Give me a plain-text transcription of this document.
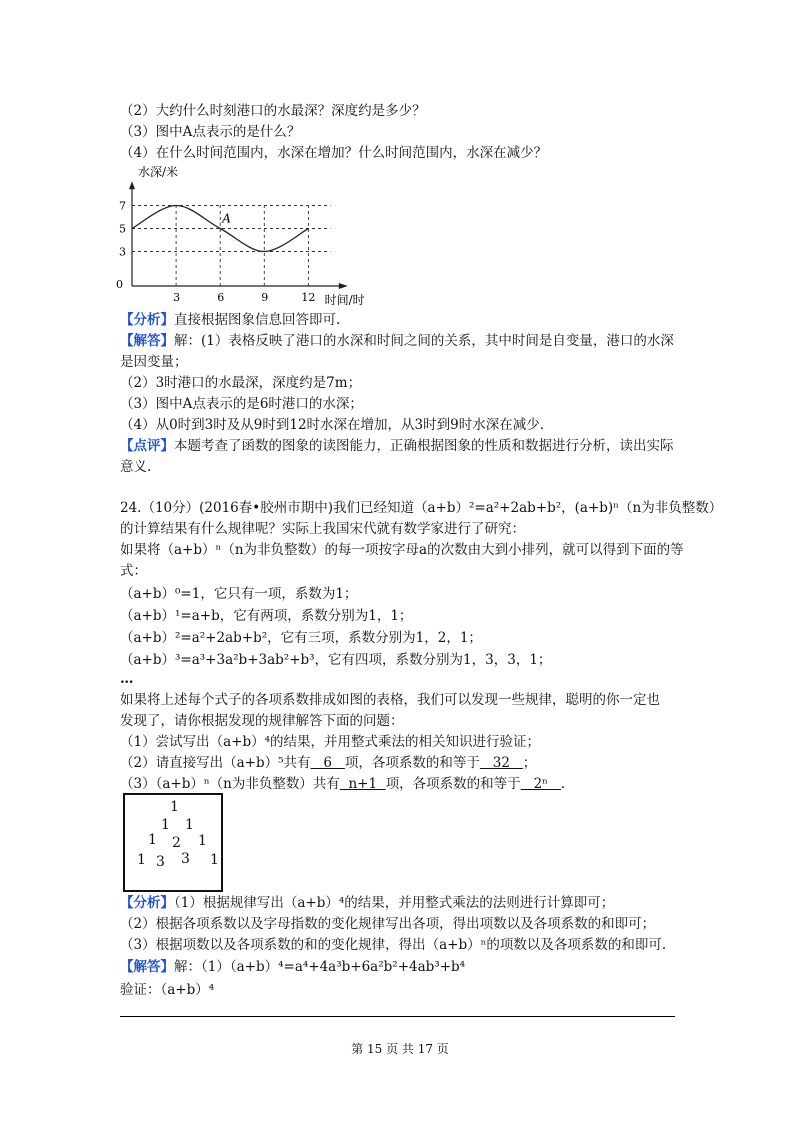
（2）大约什么时刻港口的水最深？深度约是多少？
（3）图中A点表示的是什么？
（4）在什么时间范围内，水深在增加？什么时间范围内，水深在减少？
3
5
7
3	6	9	12
0
水深/米
时间/时
A
【分析】直接根据图象信息回答即可.
【解答】解：(1）表格反映了港口的水深和时间之间的关系，其中时间是自变量，港口的水深
是因变量；
（2）3时港口的水最深，深度约是7m；
（3）图中A点表示的是6时港口的水深；
（4）从0时到3时及从9时到12时水深在增加，从3时到9时水深在减少.
【点评】本题考查了函数的图象的读图能力，正确根据图象的性质和数据进行分析，读出实际
意义.
24.（10分）(2016春•胶州市期中)我们已经知道（a+b）²=a²+2ab+b²，(a+b)ⁿ（n为非负整数）
的计算结果有什么规律呢？实际上我国宋代就有数学家进行了研究：
如果将（a+b）ⁿ（n为非负整数）的每一项按字母a的次数由大到小排列，就可以得到下面的等
式：
（a+b）⁰=1，它只有一项，系数为1；
（a+b）¹=a+b，它有两项，系数分别为1，1；
（a+b）²=a²+2ab+b²，它有三项，系数分别为1，2，1；
（a+b）³=a³+3a²b+3ab²+b³，它有四项，系数分别为1，3，3，1；
…
如果将上述每个式子的各项系数排成如图的表格，我们可以发现一些规律，聪明的你一定也
发现了，请你根据发现的规律解答下面的问题：
（1）尝试写出（a+b）⁴的结果，并用整式乘法的相关知识进行验证；
（2）请直接写出（a+b）⁵共有 6 项，各项系数的和等于 32 ；
（3）（a+b）ⁿ（n为非负整数）共有 n+1 项，各项系数的和等于 2ⁿ .
1
1 1
1 2 1
1 3 3 1
【分析】（1）根据规律写出（a+b）⁴的结果，并用整式乘法的法则进行计算即可；
（2）根据各项系数以及字母指数的变化规律写出各项，得出项数以及各项系数的和即可；
（3）根据项数以及各项系数的和的变化规律，得出（a+b）ⁿ的项数以及各项系数的和即可.
【解答】解：（1）（a+b）⁴=a⁴+4a³b+6a²b²+4ab³+b⁴
验证：（a+b）⁴
第 15 页 共 17 页
